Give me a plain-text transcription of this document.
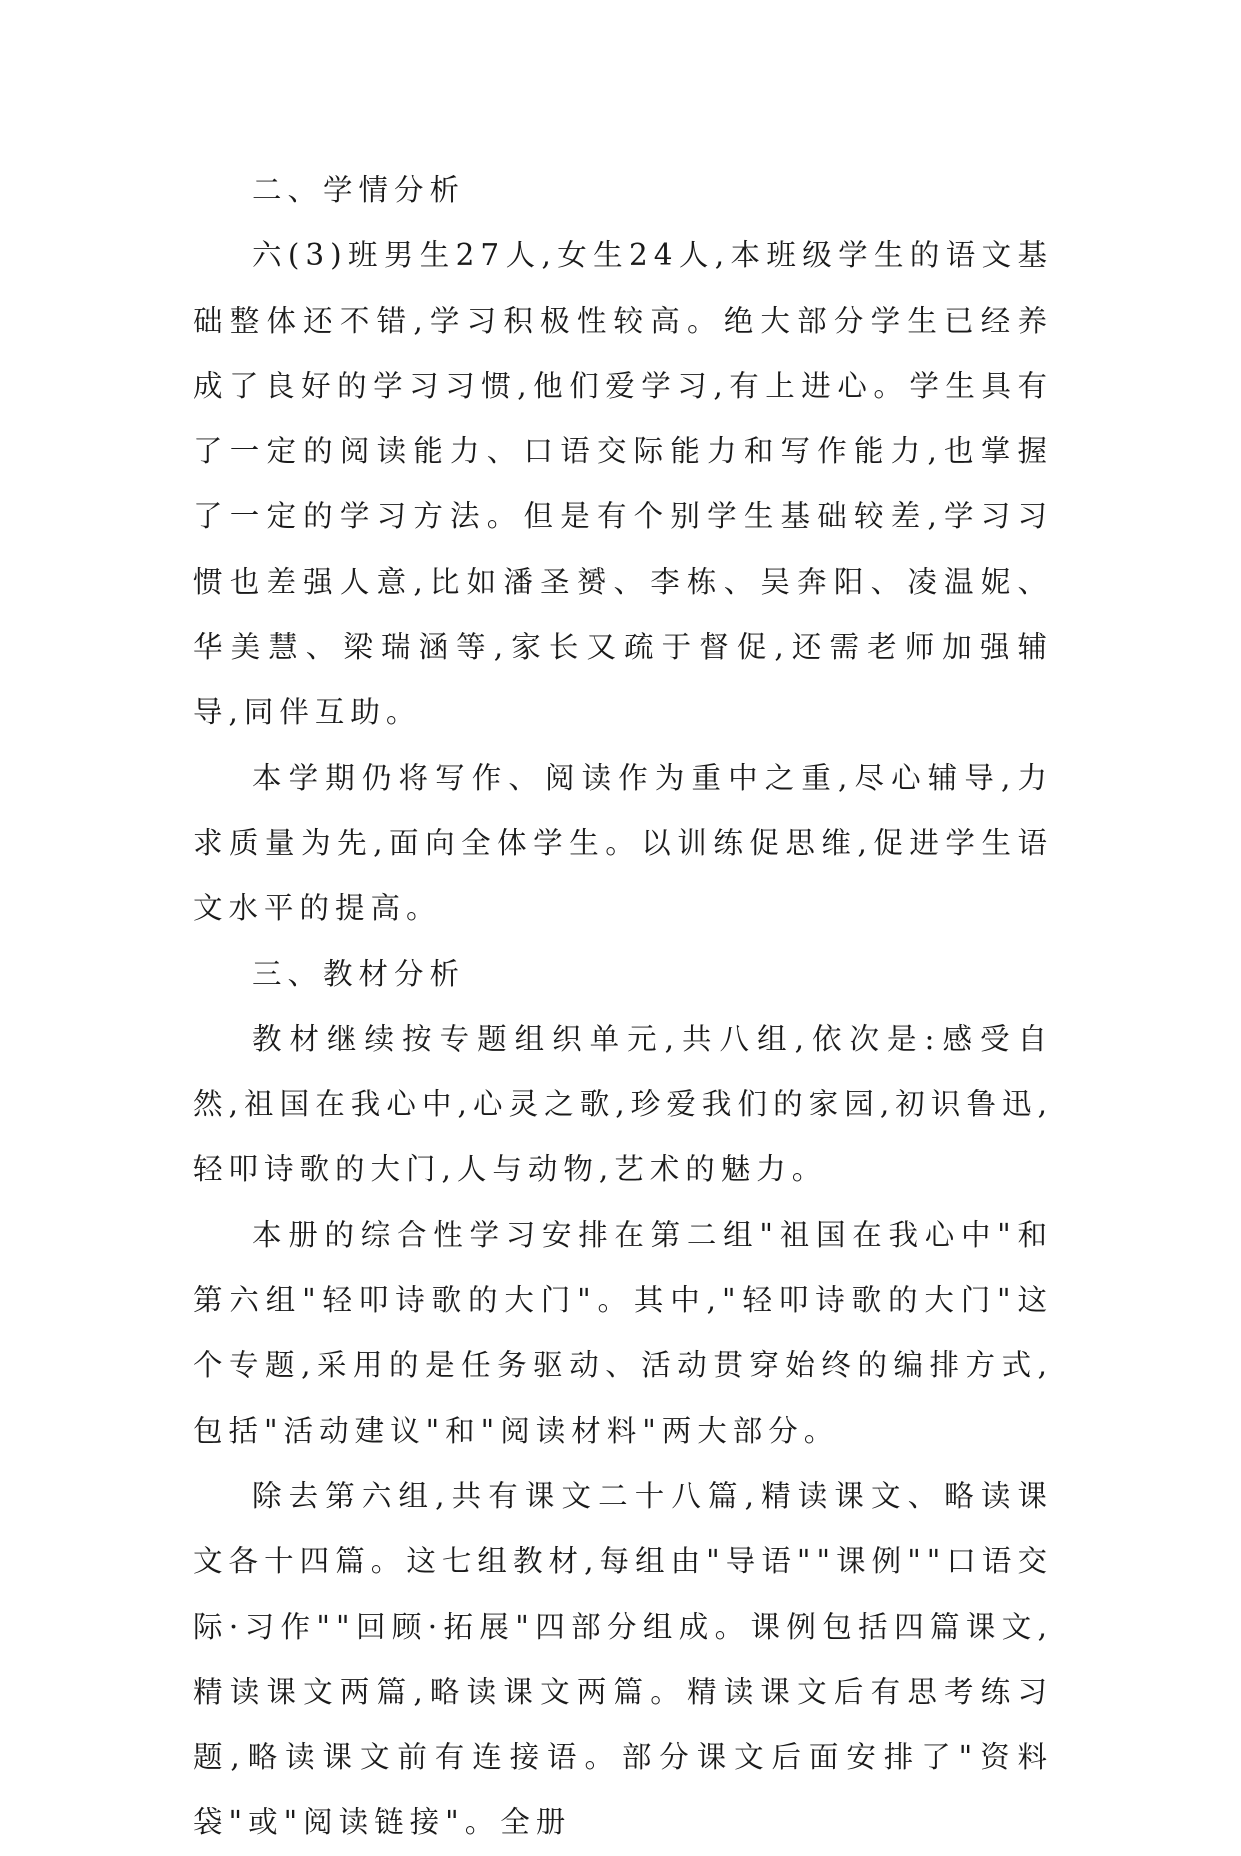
二、学情分析

六(3)班男生27人,女生24人,本班级学生的语文基础整体还不错,学习积极性较高。绝大部分学生已经养成了良好的学习习惯,他们爱学习,有上进心。学生具有了一定的阅读能力、口语交际能力和写作能力,也掌握了一定的学习方法。但是有个别学生基础较差,学习习惯也差强人意,比如潘圣赟、李栋、吴奔阳、凌温妮、华美慧、梁瑞涵等,家长又疏于督促,还需老师加强辅导,同伴互助。

本学期仍将写作、阅读作为重中之重,尽心辅导,力求质量为先,面向全体学生。以训练促思维,促进学生语文水平的提高。

三、教材分析

教材继续按专题组织单元,共八组,依次是:感受自然,祖国在我心中,心灵之歌,珍爱我们的家园,初识鲁迅,轻叩诗歌的大门,人与动物,艺术的魅力。

本册的综合性学习安排在第二组"祖国在我心中"和第六组"轻叩诗歌的大门"。其中,"轻叩诗歌的大门"这个专题,采用的是任务驱动、活动贯穿始终的编排方式,包括"活动建议"和"阅读材料"两大部分。

除去第六组,共有课文二十八篇,精读课文、略读课文各十四篇。这七组教材,每组由"导语""课例""口语交际·习作""回顾·拓展"四部分组成。课例包括四篇课文,精读课文两篇,略读课文两篇。精读课文后有思考练习题,略读课文前有连接语。部分课文后面安排了"资料袋"或"阅读链接"。全册
